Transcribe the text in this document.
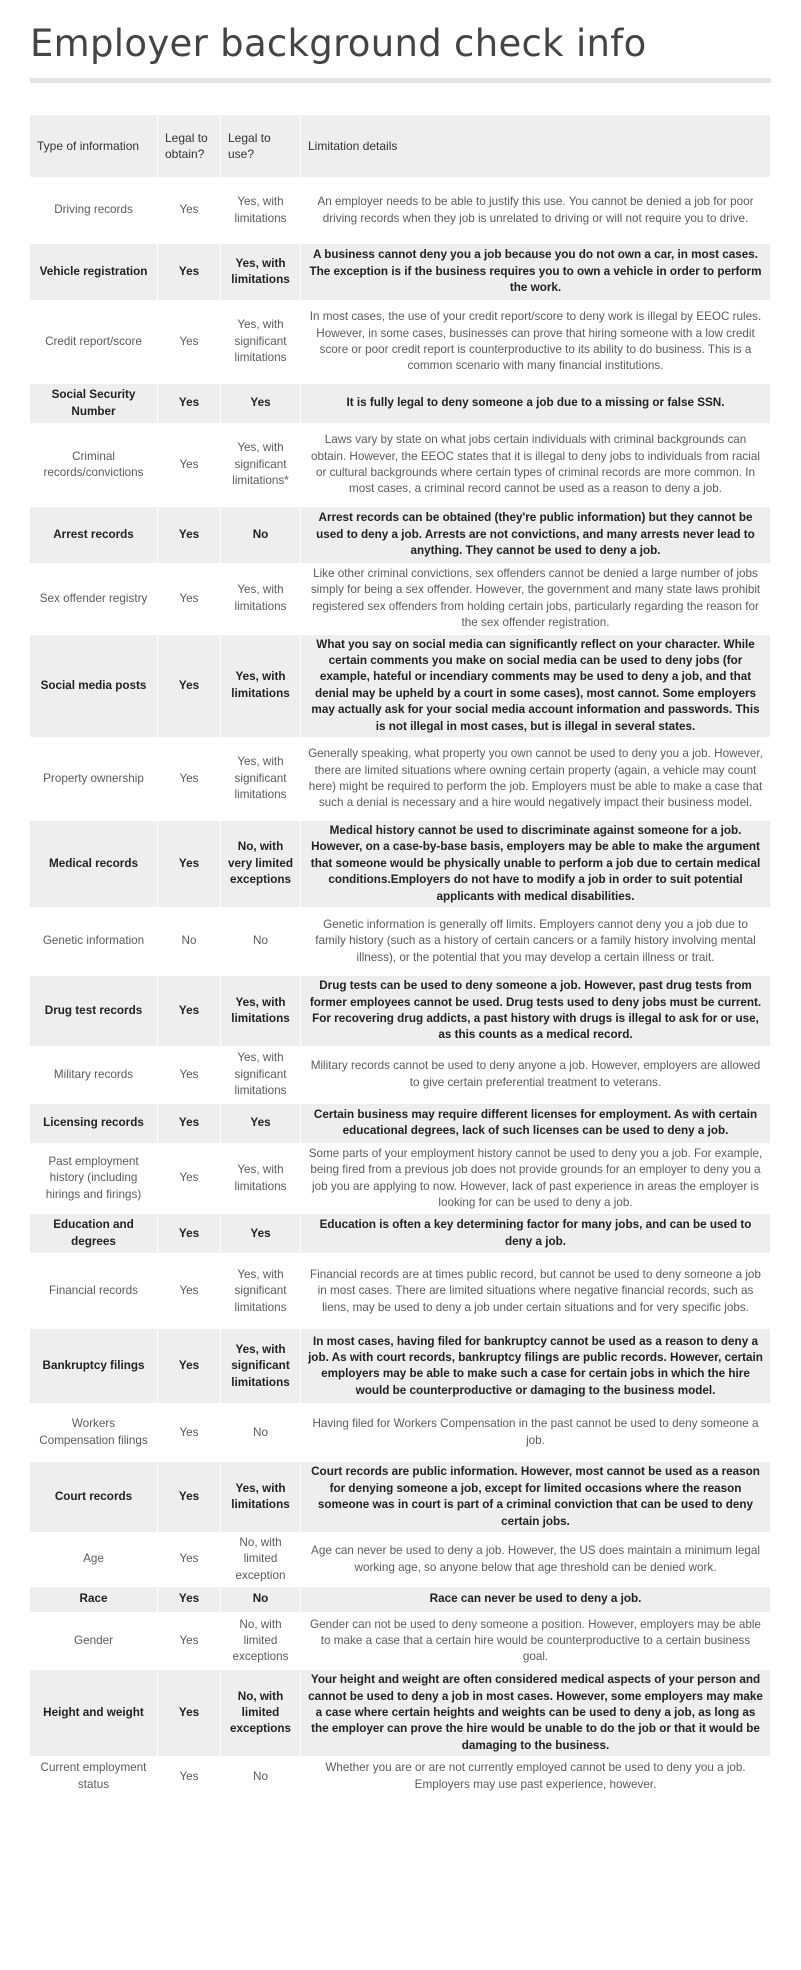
Employer background check info
Type of information	Legal to obtain?	Legal to use?	Limitation details
Driving records	Yes	Yes, with limitations	An employer needs to be able to justify this use. You cannot be denied a job for poor driving records when they job is unrelated to driving or will not require you to drive.
Vehicle registration	Yes	Yes, with limitations	A business cannot deny you a job because you do not own a car, in most cases. The exception is if the business requires you to own a vehicle in order to perform the work.
Credit report/score	Yes	Yes, with significant limitations	In most cases, the use of your credit report/score to deny work is illegal by EEOC rules. However, in some cases, businesses can prove that hiring someone with a low credit score or poor credit report is counterproductive to its ability to do business. This is a common scenario with many financial institutions.
Social Security Number	Yes	Yes	It is fully legal to deny someone a job due to a missing or false SSN.
Criminal records/convictions	Yes	Yes, with significant limitations*	Laws vary by state on what jobs certain individuals with criminal backgrounds can obtain. However, the EEOC states that it is illegal to deny jobs to individuals from racial or cultural backgrounds where certain types of criminal records are more common. In most cases, a criminal record cannot be used as a reason to deny a job.
Arrest records	Yes	No	Arrest records can be obtained (they're public information) but they cannot be used to deny a job. Arrests are not convictions, and many arrests never lead to anything. They cannot be used to deny a job.
Sex offender registry	Yes	Yes, with limitations	Like other criminal convictions, sex offenders cannot be denied a large number of jobs simply for being a sex offender. However, the government and many state laws prohibit registered sex offenders from holding certain jobs, particularly regarding the reason for the sex offender registration.
Social media posts	Yes	Yes, with limitations	What you say on social media can significantly reflect on your character. While certain comments you make on social media can be used to deny jobs (for example, hateful or incendiary comments may be used to deny a job, and that denial may be upheld by a court in some cases), most cannot. Some employers may actually ask for your social media account information and passwords. This is not illegal in most cases, but is illegal in several states.
Property ownership	Yes	Yes, with significant limitations	Generally speaking, what property you own cannot be used to deny you a job. However, there are limited situations where owning certain property (again, a vehicle may count here) might be required to perform the job. Employers must be able to make a case that such a denial is necessary and a hire would negatively impact their business model.
Medical records	Yes	No, with very limited exceptions	Medical history cannot be used to discriminate against someone for a job. However, on a case-by-base basis, employers may be able to make the argument that someone would be physically unable to perform a job due to certain medical conditions.Employers do not have to modify a job in order to suit potential applicants with medical disabilities.
Genetic information	No	No	Genetic information is generally off limits. Employers cannot deny you a job due to family history (such as a history of certain cancers or a family history involving mental illness), or the potential that you may develop a certain illness or trait.
Drug test records	Yes	Yes, with limitations	Drug tests can be used to deny someone a job. However, past drug tests from former employees cannot be used. Drug tests used to deny jobs must be current. For recovering drug addicts, a past history with drugs is illegal to ask for or use, as this counts as a medical record.
Military records	Yes	Yes, with significant limitations	Military records cannot be used to deny anyone a job. However, employers are allowed to give certain preferential treatment to veterans.
Licensing records	Yes	Yes	Certain business may require different licenses for employment. As with certain educational degrees, lack of such licenses can be used to deny a job.
Past employment history (including hirings and firings)	Yes	Yes, with limitations	Some parts of your employment history cannot be used to deny you a job. For example, being fired from a previous job does not provide grounds for an employer to deny you a job you are applying to now. However, lack of past experience in areas the employer is looking for can be used to deny a job.
Education and degrees	Yes	Yes	Education is often a key determining factor for many jobs, and can be used to deny a job.
Financial records	Yes	Yes, with significant limitations	Financial records are at times public record, but cannot be used to deny someone a job in most cases. There are limited situations where negative financial records, such as liens, may be used to deny a job under certain situations and for very specific jobs.
Bankruptcy filings	Yes	Yes, with significant limitations	In most cases, having filed for bankruptcy cannot be used as a reason to deny a job. As with court records, bankruptcy filings are public records. However, certain employers may be able to make such a case for certain jobs in which the hire would be counterproductive or damaging to the business model.
Workers Compensation filings	Yes	No	Having filed for Workers Compensation in the past cannot be used to deny someone a job.
Court records	Yes	Yes, with limitations	Court records are public information. However, most cannot be used as a reason for denying someone a job, except for limited occasions where the reason someone was in court is part of a criminal conviction that can be used to deny certain jobs.
Age	Yes	No, with limited exception	Age can never be used to deny a job. However, the US does maintain a minimum legal working age, so anyone below that age threshold can be denied work.
Race	Yes	No	Race can never be used to deny a job.
Gender	Yes	No, with limited exceptions	Gender can not be used to deny someone a position. However, employers may be able to make a case that a certain hire would be counterproductive to a certain business goal.
Height and weight	Yes	No, with limited exceptions	Your height and weight are often considered medical aspects of your person and cannot be used to deny a job in most cases. However, some employers may make a case where certain heights and weights can be used to deny a job, as long as the employer can prove the hire would be unable to do the job or that it would be damaging to the business.
Current employment status	Yes	No	Whether you are or are not currently employed cannot be used to deny you a job. Employers may use past experience, however.
